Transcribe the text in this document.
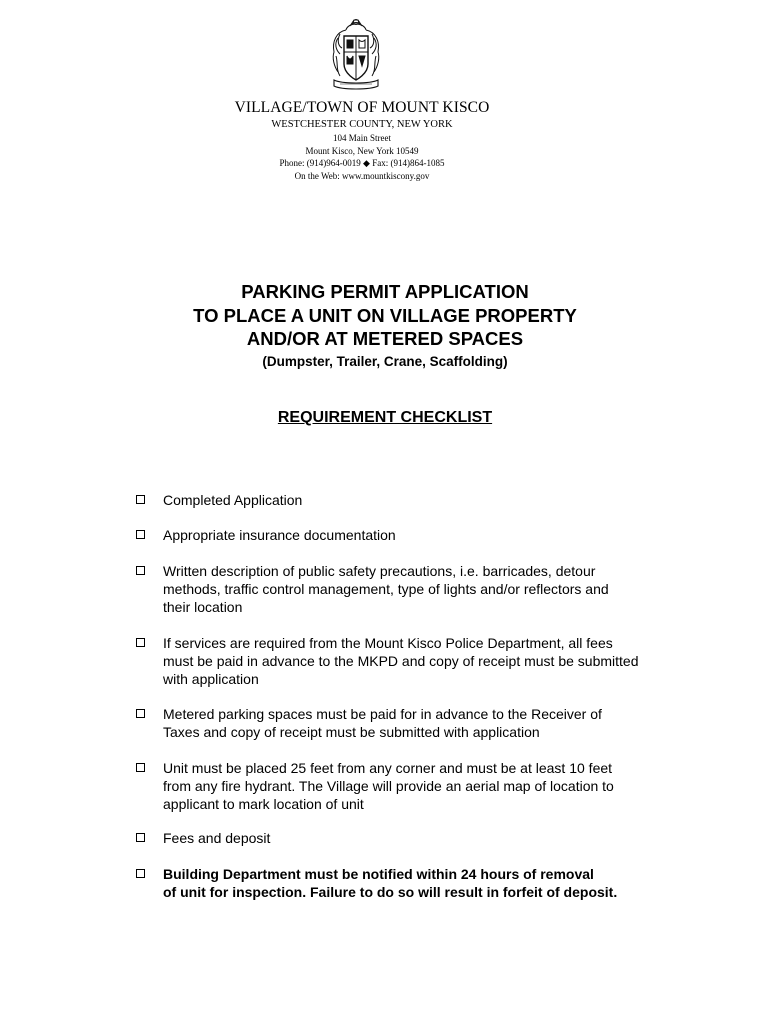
VILLAGE/TOWN OF MOUNT KISCO
WESTCHESTER COUNTY, NEW YORK
104 Main Street
Mount Kisco, New York 10549
Phone: (914)964-0019 ◆ Fax: (914)864-1085
On the Web: www.mountkiscony.gov
PARKING PERMIT APPLICATION
TO PLACE A UNIT ON VILLAGE PROPERTY
AND/OR AT METERED SPACES
(Dumpster, Trailer, Crane, Scaffolding)
REQUIREMENT CHECKLIST
Completed Application
Appropriate insurance documentation
Written description of public safety precautions, i.e. barricades, detour
methods, traffic control management, type of lights and/or reflectors and
their location
If services are required from the Mount Kisco Police Department, all fees
must be paid in advance to the MKPD and copy of receipt must be submitted
with application
Metered parking spaces must be paid for in advance to the Receiver of
Taxes and copy of receipt must be submitted with application
Unit must be placed 25 feet from any corner and must be at least 10 feet
from any fire hydrant. The Village will provide an aerial map of location to
applicant to mark location of unit
Fees and deposit
Building Department must be notified within 24 hours of removal
of unit for inspection. Failure to do so will result in forfeit of deposit.
